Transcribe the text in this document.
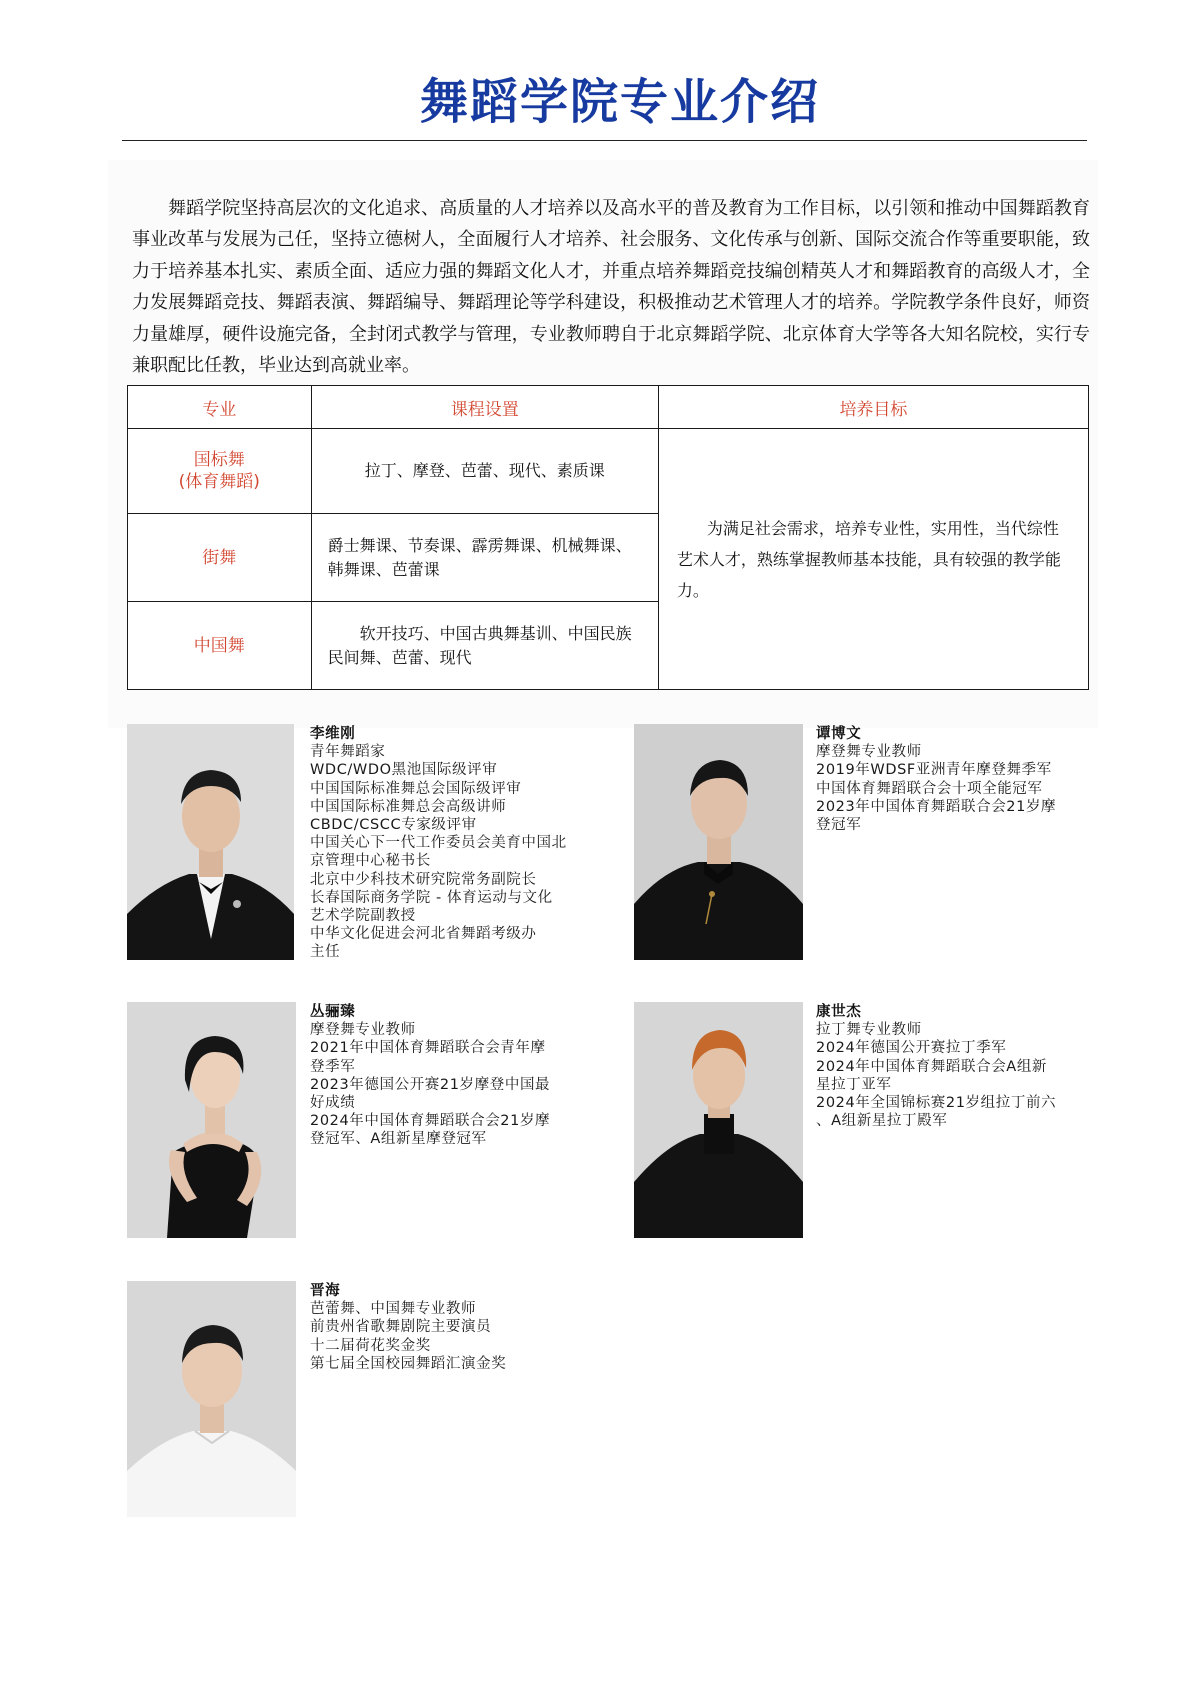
舞蹈学院专业介绍

舞蹈学院坚持高层次的文化追求、高质量的人才培养以及高水平的普及教育为工作目标，以引领和推动中国舞蹈教育事业改革与发展为己任，坚持立德树人，全面履行人才培养、社会服务、文化传承与创新、国际交流合作等重要职能，致力于培养基本扎实、素质全面、适应力强的舞蹈文化人才，并重点培养舞蹈竞技编创精英人才和舞蹈教育的高级人才，全力发展舞蹈竞技、舞蹈表演、舞蹈编导、舞蹈理论等学科建设，积极推动艺术管理人才的培养。学院教学条件良好，师资力量雄厚，硬件设施完备，全封闭式教学与管理，专业教师聘自于北京舞蹈学院、北京体育大学等各大知名院校，实行专兼职配比任教，毕业达到高就业率。

专业	课程设置	培养目标

国标舞
(体育舞蹈)	拉丁、摩登、芭蕾、现代、素质课	为满足社会需求，培养专业性，实用性，当代综性艺术人才，熟练掌握教师基本技能，具有较强的教学能力。

街舞	爵士舞课、节奏课、霹雳舞课、机械舞课、韩舞课、芭蕾课	

中国舞	软开技巧、中国古典舞基训、中国民族民间舞、芭蕾、现代	
李维刚
青年舞蹈家
WDC/WDO黑池国际级评审
中国国际标准舞总会国际级评审
中国国际标准舞总会高级讲师
CBDC/CSCC专家级评审
中国关心下一代工作委员会美育中国北
京管理中心秘书长
北京中少科技术研究院常务副院长
长春国际商务学院 - 体育运动与文化
艺术学院副教授
中华文化促进会河北省舞蹈考级办
主任
谭博文
摩登舞专业教师
2019年WDSF亚洲青年摩登舞季军
中国体育舞蹈联合会十项全能冠军
2023年中国体育舞蹈联合会21岁摩
登冠军
丛骊臻
摩登舞专业教师
2021年中国体育舞蹈联合会青年摩
登季军
2023年德国公开赛21岁摩登中国最
好成绩
2024年中国体育舞蹈联合会21岁摩
登冠军、A组新星摩登冠军
康世杰
拉丁舞专业教师
2024年德国公开赛拉丁季军
2024年中国体育舞蹈联合会A组新
星拉丁亚军
2024年全国锦标赛21岁组拉丁前六
、A组新星拉丁殿军
晋海
芭蕾舞、中国舞专业教师
前贵州省歌舞剧院主要演员
十二届荷花奖金奖
第七届全国校园舞蹈汇演金奖
